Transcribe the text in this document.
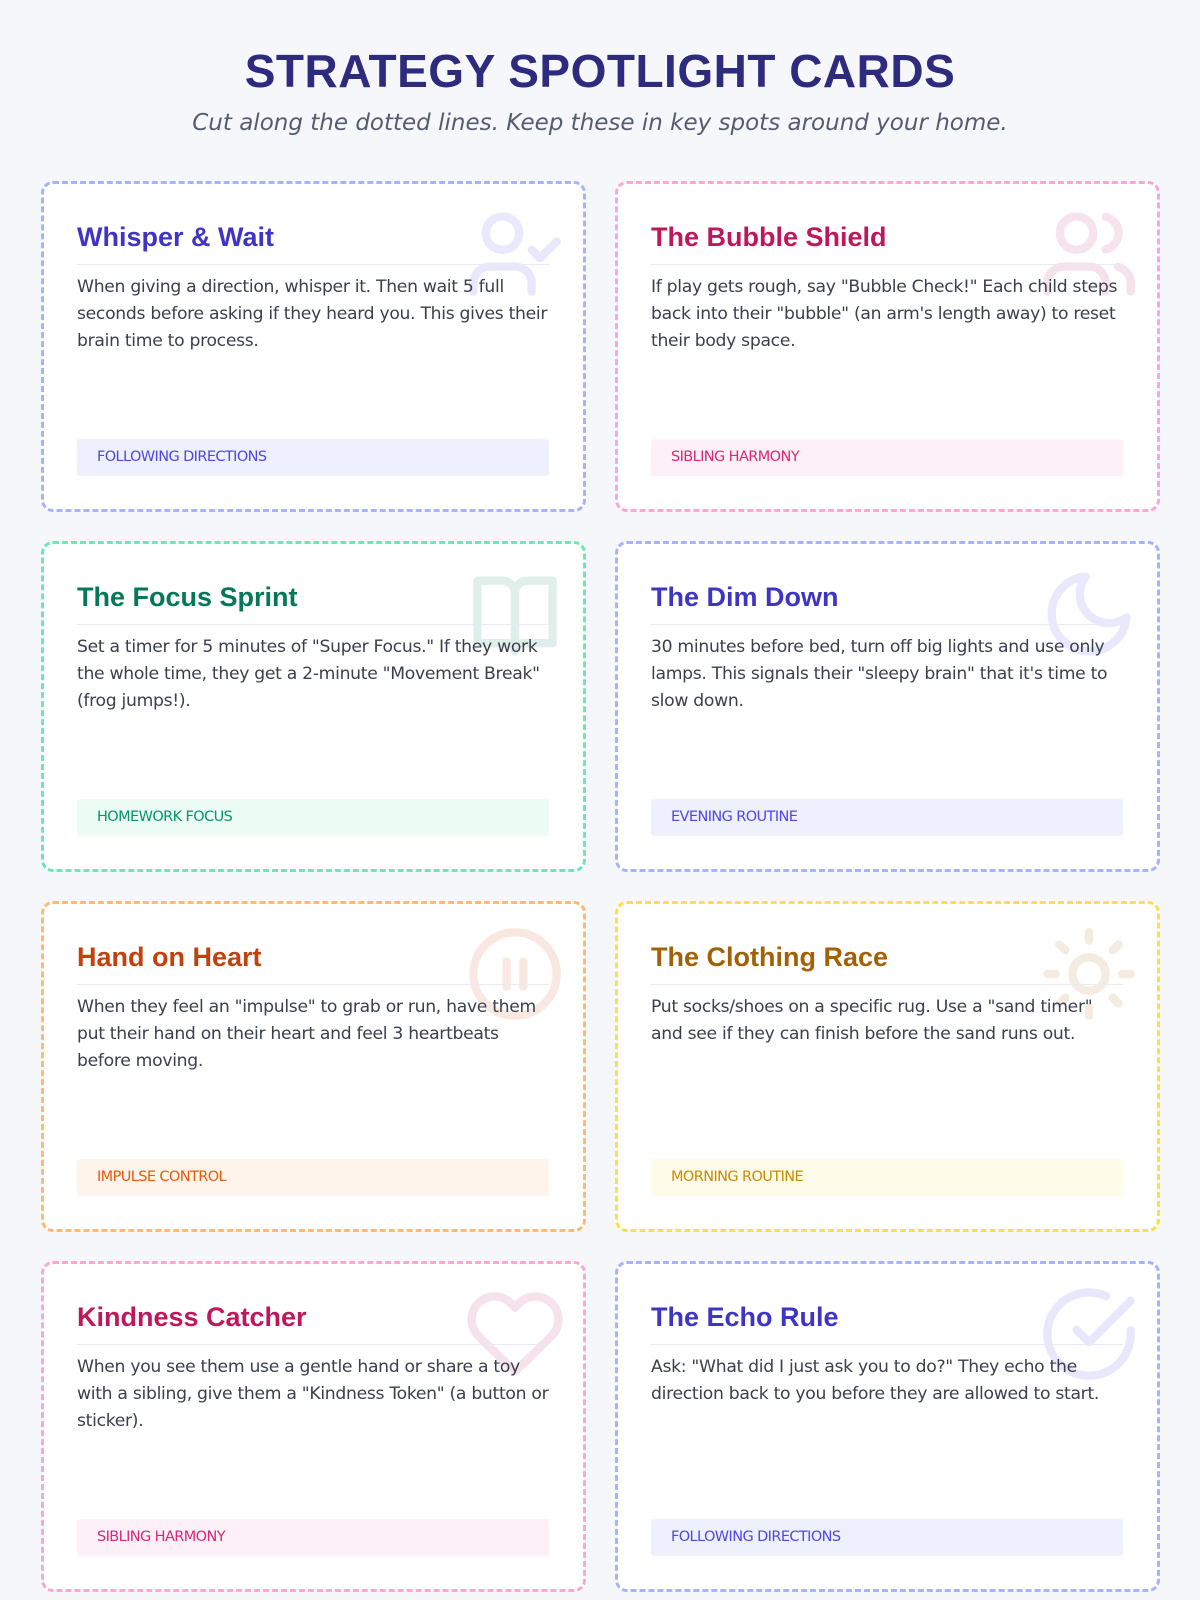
STRATEGY SPOTLIGHT CARDS
Cut along the dotted lines. Keep these in key spots around your home.
Whisper & Wait
When giving a direction, whisper it. Then wait 5 full seconds before asking if they heard you. This gives their brain time to process.
FOLLOWING DIRECTIONS
The Bubble Shield
If play gets rough, say "Bubble Check!" Each child steps back into their "bubble" (an arm's length away) to reset their body space.
SIBLING HARMONY
The Focus Sprint
Set a timer for 5 minutes of "Super Focus." If they work the whole time, they get a 2-minute "Movement Break" (frog jumps!).
HOMEWORK FOCUS
The Dim Down
30 minutes before bed, turn off big lights and use only lamps. This signals their "sleepy brain" that it's time to slow down.
EVENING ROUTINE
Hand on Heart
When they feel an "impulse" to grab or run, have them put their hand on their heart and feel 3 heartbeats before moving.
IMPULSE CONTROL
The Clothing Race
Put socks/shoes on a specific rug. Use a "sand timer" and see if they can finish before the sand runs out.
MORNING ROUTINE
Kindness Catcher
When you see them use a gentle hand or share a toy with a sibling, give them a "Kindness Token" (a button or sticker).
SIBLING HARMONY
The Echo Rule
Ask: "What did I just ask you to do?" They echo the direction back to you before they are allowed to start.
FOLLOWING DIRECTIONS
